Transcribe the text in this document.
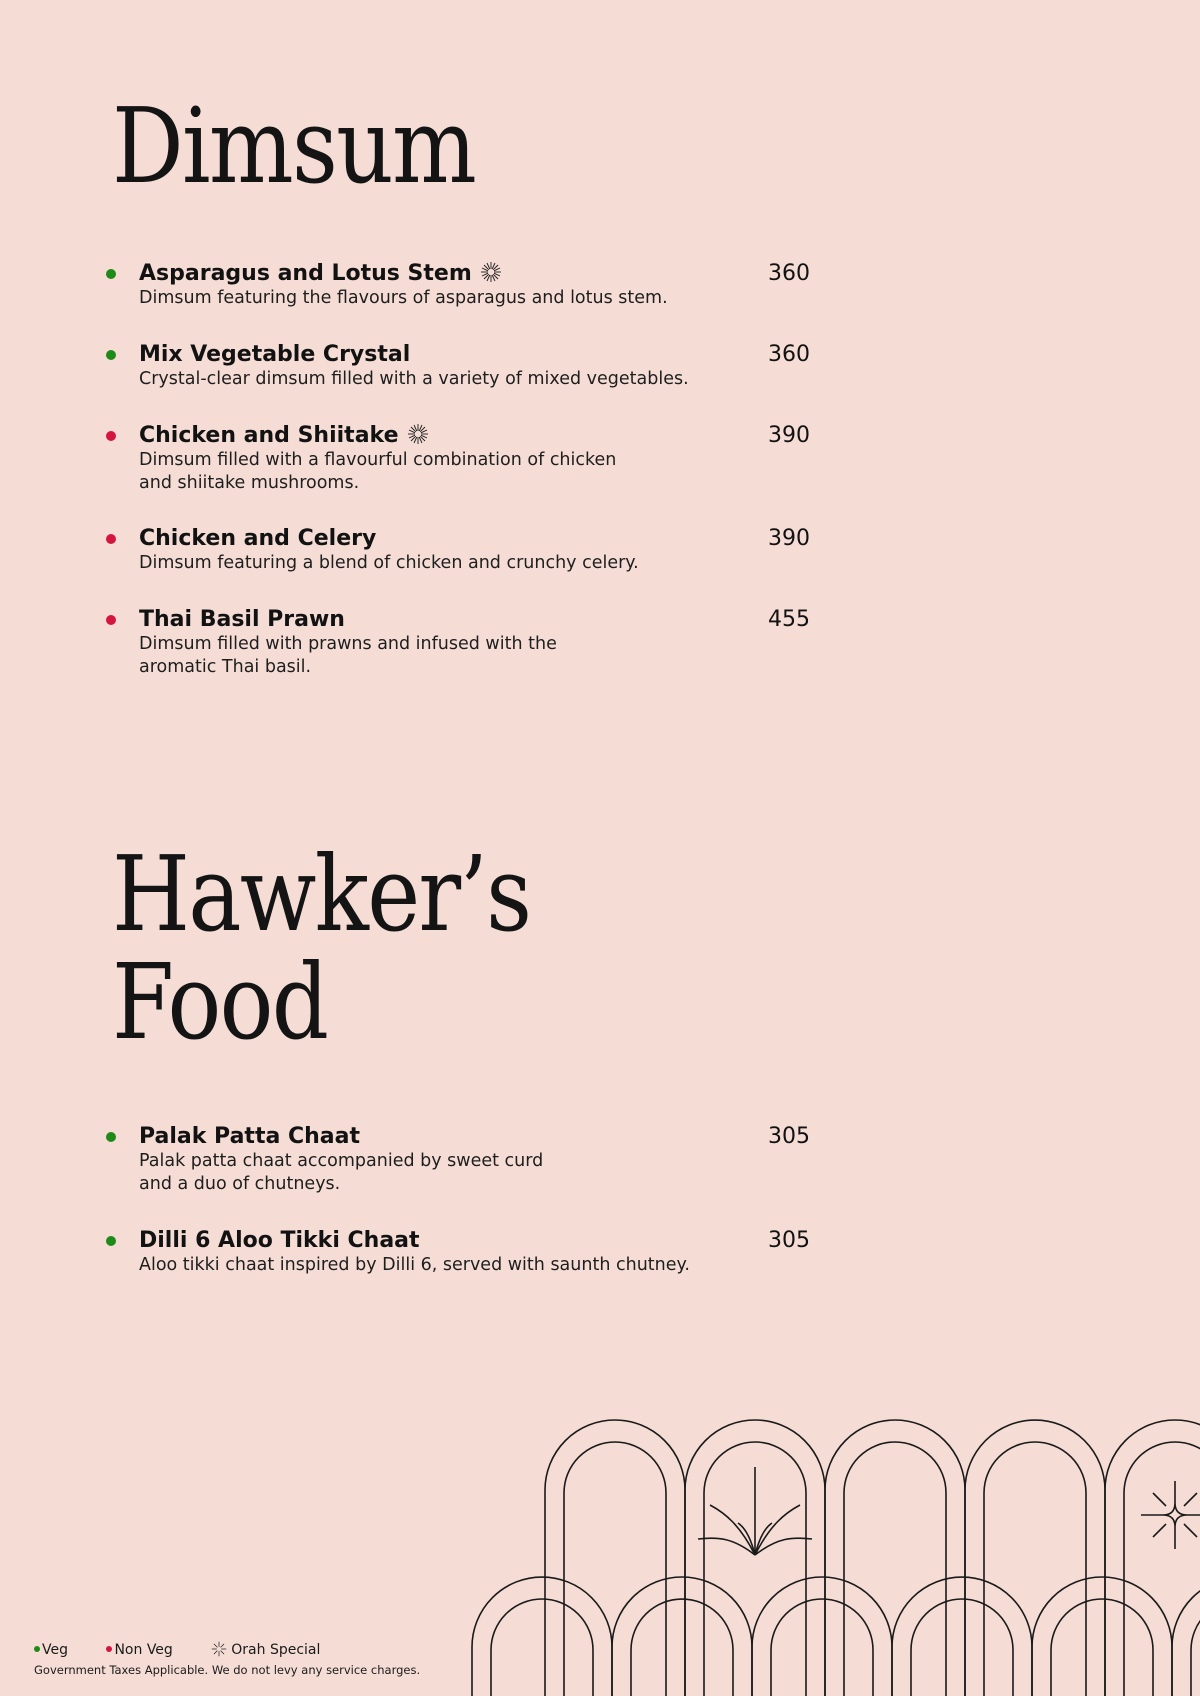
Dimsum
Asparagus and Lotus Stem	360
Dimsum featuring the flavours of asparagus and lotus stem.
Mix Vegetable Crystal	360
Crystal-clear dimsum filled with a variety of mixed vegetables.
Chicken and Shiitake	390
Dimsum filled with a flavourful combination of chicken
and shiitake mushrooms.
Chicken and Celery	390
Dimsum featuring a blend of chicken and crunchy celery.
Thai Basil Prawn	455
Dimsum filled with prawns and infused with the
aromatic Thai basil.
Hawker’s
Food
Palak Patta Chaat	305
Palak patta chaat accompanied by sweet curd
and a duo of chutneys.
Dilli 6 Aloo Tikki Chaat	305
Aloo tikki chaat inspired by Dilli 6, served with saunth chutney.
Veg	Non Veg	Orah Special
Government Taxes Applicable. We do not levy any service charges.
